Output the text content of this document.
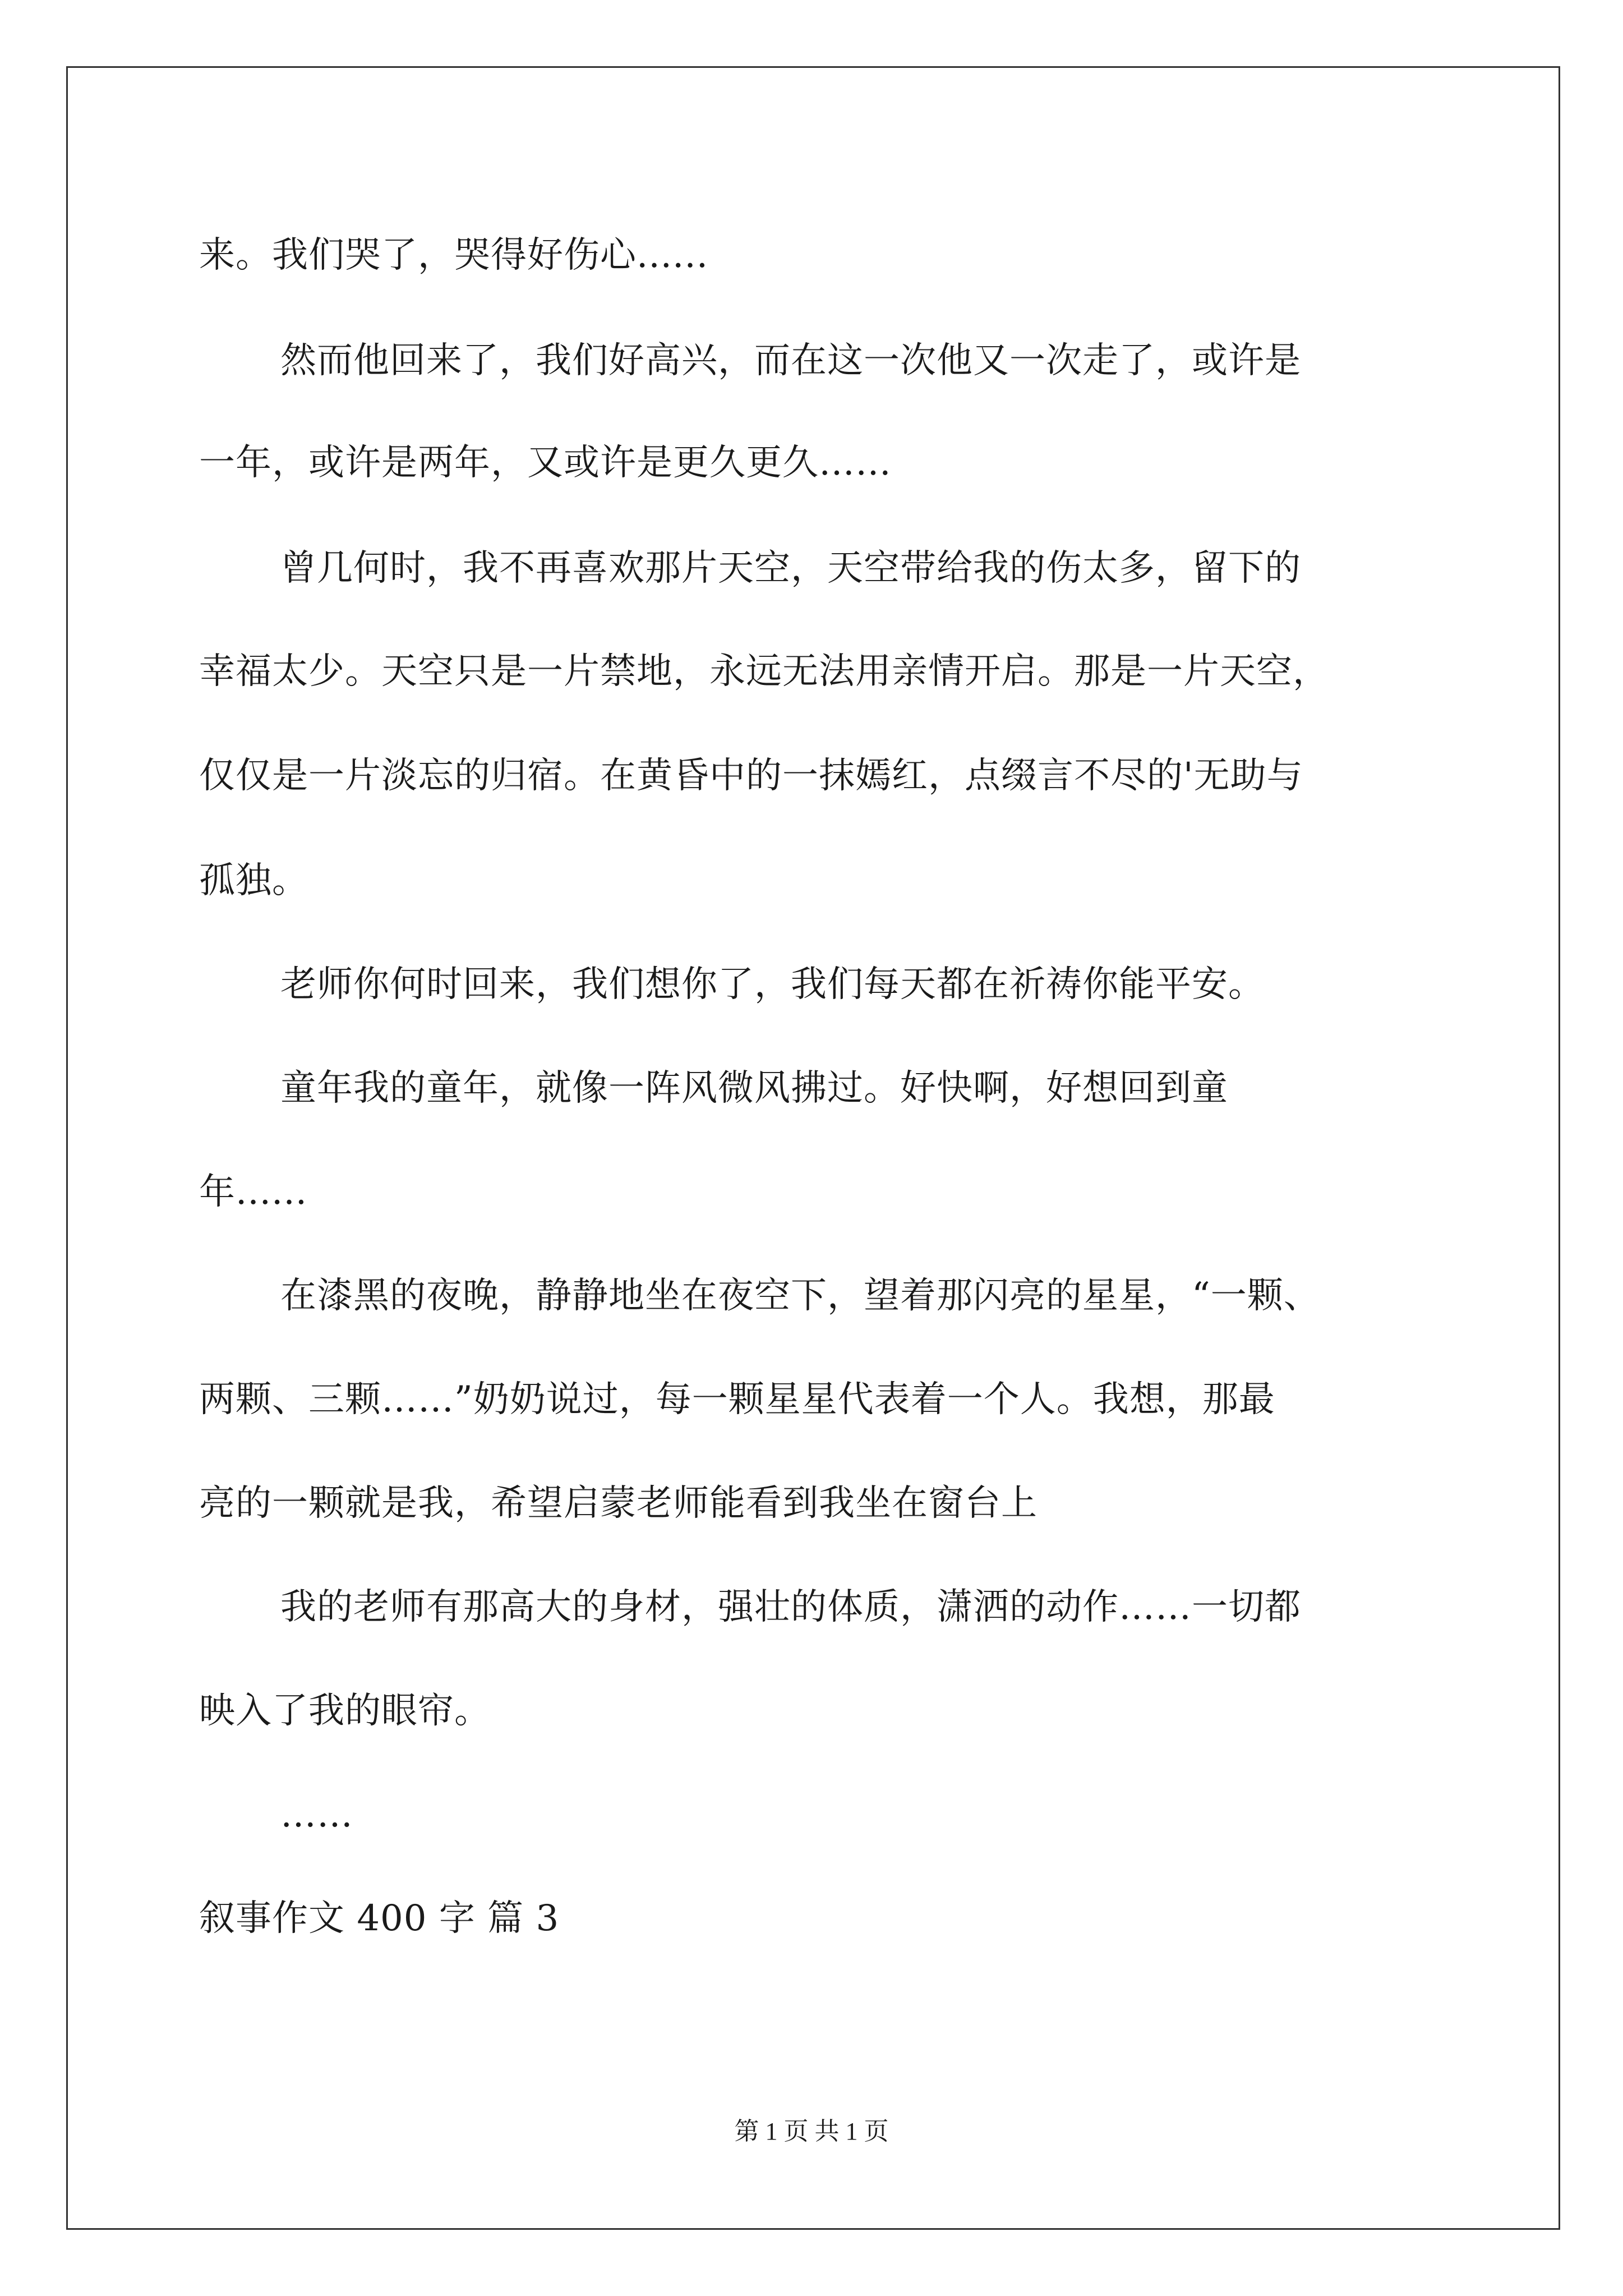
来。我们哭了，哭得好伤心......
然而他回来了，我们好高兴，而在这一次他又一次走了，或许是
一年，或许是两年，又或许是更久更久……
曾几何时，我不再喜欢那片天空，天空带给我的伤太多，留下的
幸福太少。天空只是一片禁地，永远无法用亲情开启。那是一片天空，
仅仅是一片淡忘的归宿。在黄昏中的一抹嫣红，点缀言不尽的'无助与
孤独。
老师你何时回来，我们想你了，我们每天都在祈祷你能平安。
童年我的童年，就像一阵风微风拂过。好快啊，好想回到童
年......
在漆黑的夜晚，静静地坐在夜空下，望着那闪亮的星星，“一颗、
两颗、三颗……”奶奶说过，每一颗星星代表着一个人。我想，那最
亮的一颗就是我，希望启蒙老师能看到我坐在窗台上
我的老师有那高大的身材，强壮的体质，潇洒的动作……一切都
映入了我的眼帘。
……
叙事作文 400 字 篇 3
第 1 页 共 1 页
